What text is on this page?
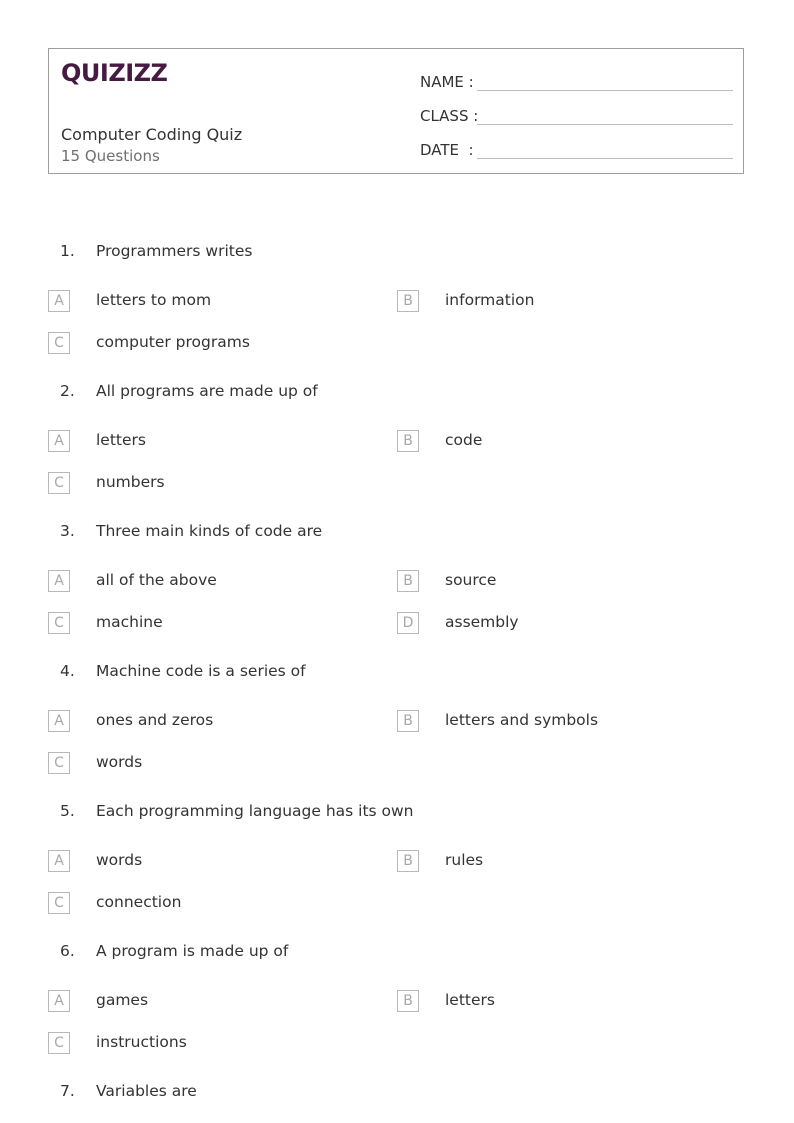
QUIZIZZ
Computer Coding Quiz
15 Questions
NAME :
CLASS :
DATE  :
1.	Programmers writes
A	letters to mom	B	information
C	computer programs
2.	All programs are made up of
A	letters	B	code
C	numbers
3.	Three main kinds of code are
A	all of the above	B	source
C	machine	D	assembly
4.	Machine code is a series of
A	ones and zeros	B	letters and symbols
C	words
5.	Each programming language has its own
A	words	B	rules
C	connection
6.	A program is made up of
A	games	B	letters
C	instructions
7.	Variables are
